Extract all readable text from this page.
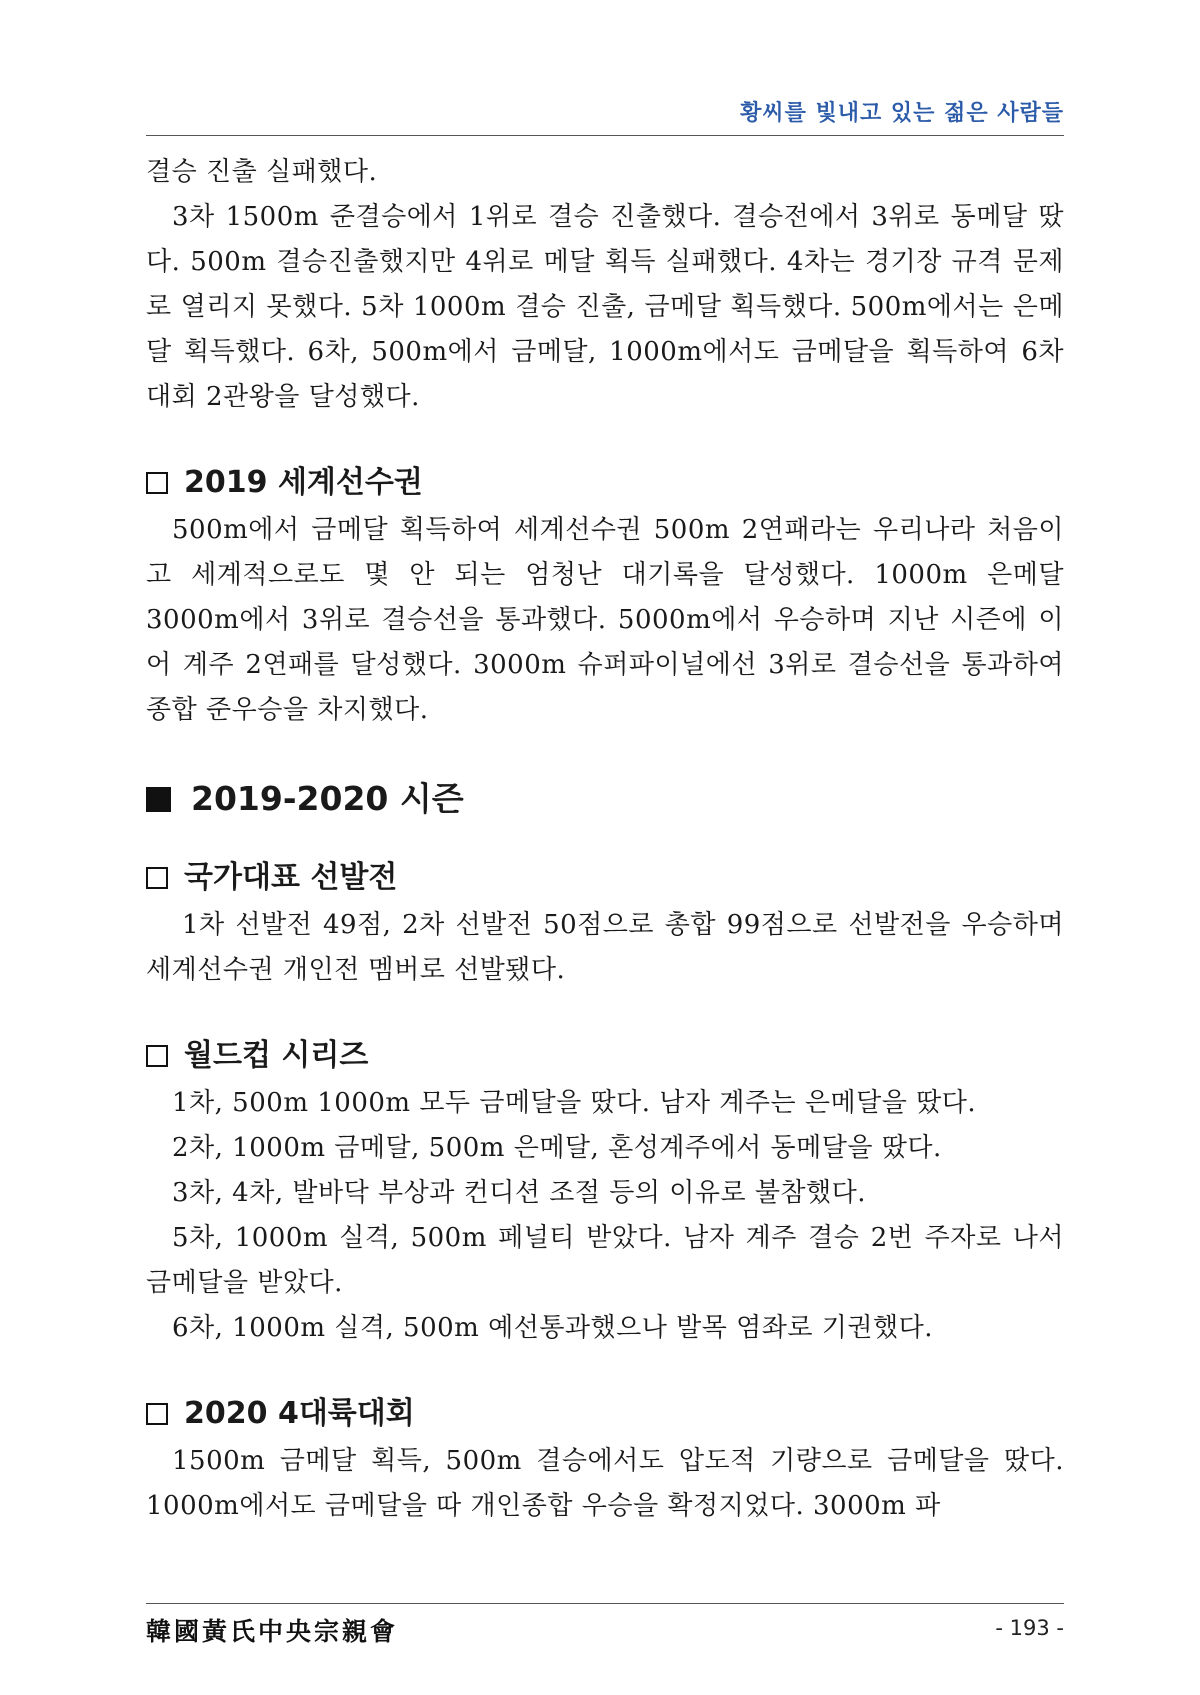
황씨를 빛내고 있는 젊은 사람들

결승 진출 실패했다.

3차 1500m 준결승에서 1위로 결승 진출했다. 결승전에서 3위로 동메달 땄다. 500m 결승진출했지만 4위로 메달 획득 실패했다. 4차는 경기장 규격 문제로 열리지 못했다. 5차 1000m 결승 진출, 금메달 획득했다. 500m에서는 은메달 획득했다. 6차, 500m에서 금메달, 1000m에서도 금메달을 획득하여 6차 대회 2관왕을 달성했다.

2019 세계선수권

500m에서 금메달 획득하여 세계선수권 500m 2연패라는 우리나라 처음이고 세계적으로도 몇 안 되는 엄청난 대기록을 달성했다. 1000m 은메달 3000m에서 3위로 결승선을 통과했다. 5000m에서 우승하며 지난 시즌에 이어 계주 2연패를 달성했다. 3000m 슈퍼파이널에선 3위로 결승선을 통과하여 종합 준우승을 차지했다.

2019-2020 시즌
국가대표 선발전

1차 선발전 49점, 2차 선발전 50점으로 총합 99점으로 선발전을 우승하며 세계선수권 개인전 멤버로 선발됐다.

월드컵 시리즈

1차, 500m 1000m 모두 금메달을 땄다. 남자 계주는 은메달을 땄다.

2차, 1000m 금메달, 500m 은메달, 혼성계주에서 동메달을 땄다.

3차, 4차, 발바닥 부상과 컨디션 조절 등의 이유로 불참했다.

5차, 1000m 실격, 500m 페널티 받았다. 남자 계주 결승 2번 주자로 나서 금메달을 받았다.

6차, 1000m 실격, 500m 예선통과했으나 발목 염좌로 기권했다.

2020 4대륙대회

1500m 금메달 획득, 500m 결승에서도 압도적 기량으로 금메달을 땄다. 1000m에서도 금메달을 따 개인종합 우승을 확정지었다. 3000m 파

韓國黃氏中央宗親會	- 193 -
